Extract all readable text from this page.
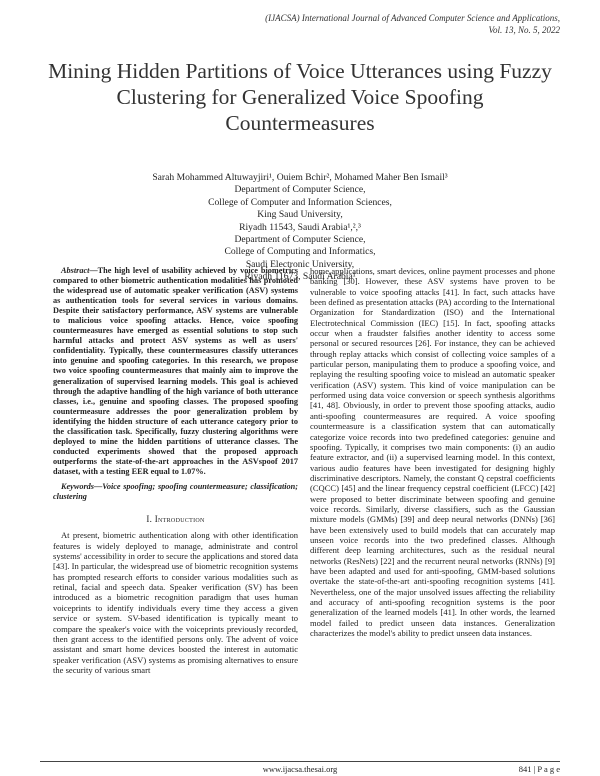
(IJACSA) International Journal of Advanced Computer Science and Applications,
Vol. 13, No. 5, 2022
Mining Hidden Partitions of Voice Utterances using Fuzzy Clustering for Generalized Voice Spoofing Countermeasures
Sarah Mohammed Altuwayjiri¹, Ouiem Bchir², Mohamed Maher Ben Ismail³
Department of Computer Science,
College of Computer and Information Sciences,
King Saud University,
Riyadh 11543, Saudi Arabia¹,²,³
Department of Computer Science,
College of Computing and Informatics,
Saudi Electronic University,
Riyadh 11673, Saudi Arabia¹

Abstract—The high level of usability achieved by voice biometrics compared to other biometric authentication modalities has promoted the widespread use of automatic speaker verification (ASV) systems as authentication tools for several services in various domains. Despite their satisfactory performance, ASV systems are vulnerable to malicious voice spoofing attacks. Hence, voice spoofing countermeasures have emerged as essential solutions to stop such harmful attacks and protect ASV systems as well as users' confidentiality. Typically, these countermeasures classify utterances into genuine and spoofing categories. In this research, we propose two voice spoofing countermeasures that mainly aim to improve the generalization of supervised learning models. This goal is achieved through the adaptive handling of the high variance of both utterance classes, i.e., genuine and spoofing classes. The proposed spoofing countermeasure addresses the poor generalization problem by identifying the hidden structure of each utterance category prior to the classification task. Specifically, fuzzy clustering algorithms were deployed to mine the hidden partitions of utterance classes. The conducted experiments showed that the proposed approach outperforms the state-of-the-art approaches in the ASVspoof 2017 dataset, with a testing EER equal to 1.07%.

Keywords—Voice spoofing; spoofing countermeasure; classification; clustering

I. Introduction

At present, biometric authentication along with other identification features is widely deployed to manage, administrate and control systems' accessibility in order to secure the applications and stored data [43]. In particular, the widespread use of biometric recognition systems has prompted research efforts to consider various modalities such as retinal, facial and speech data. Speaker verification (SV) has been introduced as a biometric recognition paradigm that uses human voiceprints to identify individuals every time they access a given service or system. SV-based identification is typically meant to compare the speaker's voice with the voiceprints previously recorded, then grant access to the identified persons only. The advent of voice assistant and smart home devices boosted the interest in automatic speaker verification (ASV) systems as promising alternatives to ensure the security of various smart

home applications, smart devices, online payment processes and phone banking [30]. However, these ASV systems have proven to be vulnerable to voice spoofing attacks [41]. In fact, such attacks have been defined as presentation attacks (PA) according to the International Organization for Standardization (ISO) and the International Electrotechnical Commission (IEC) [15]. In fact, spoofing attacks occur when a fraudster falsifies another identity to access some personal or secured resources [26]. For instance, they can be achieved through replay attacks which consist of collecting voice samples of a particular person, manipulating them to produce a spoofing voice, and replaying the resulting spoofing voice to mislead an automatic speaker verification (ASV) system. This kind of voice manipulation can be performed using data voice conversion or speech synthesis algorithms [41, 48]. Obviously, in order to prevent those spoofing attacks, audio anti-spoofing countermeasures are required. A voice spoofing countermeasure is a classification system that can automatically categorize voice records into two predefined categories: genuine and spoofing. Typically, it comprises two main components: (i) an audio feature extractor, and (ii) a supervised learning model. In this context, various audio features have been investigated for designing highly discriminative descriptors. Namely, the constant Q cepstral coefficients (CQCC) [45] and the linear frequency cepstral coefficient (LFCC) [42] were proposed to better discriminate between spoofing and genuine voice records. Similarly, diverse classifiers, such as the Gaussian mixture models (GMMs) [39] and deep neural networks (DNNs) [36] have been extensively used to build models that can accurately map unseen voice records into the two predefined classes. Although different deep learning architectures, such as the residual neural networks (ResNets) [22] and the recurrent neural networks (RNNs) [9] have been adapted and used for anti-spoofing, GMM-based solutions overtake the state-of-the-art anti-spoofing recognition systems [41]. Nevertheless, one of the major unsolved issues affecting the reliability and accuracy of anti-spoofing recognition systems is the poor generalization of the learned models [41]. In other words, the learned model failed to predict unseen data instances. Generalization characterizes the model's ability to predict unseen data instances.

www.ijacsa.thesai.org	841 | P a g e
